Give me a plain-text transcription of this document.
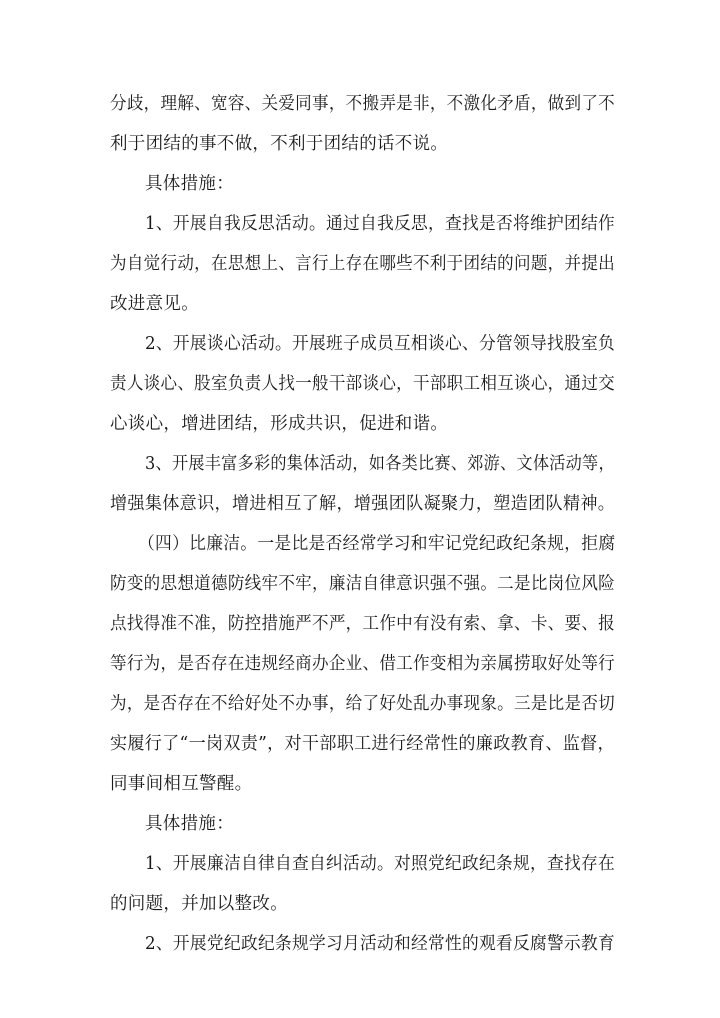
分歧，理解、宽容、关爱同事，不搬弄是非，不激化矛盾，做到了不
利于团结的事不做，不利于团结的话不说。
具体措施：
1、开展自我反思活动。通过自我反思，查找是否将维护团结作
为自觉行动，在思想上、言行上存在哪些不利于团结的问题，并提出
改进意见。
2、开展谈心活动。开展班子成员互相谈心、分管领导找股室负
责人谈心、股室负责人找一般干部谈心，干部职工相互谈心，通过交
心谈心，增进团结，形成共识，促进和谐。
3、开展丰富多彩的集体活动，如各类比赛、郊游、文体活动等，
增强集体意识，增进相互了解，增强团队凝聚力，塑造团队精神。
（四）比廉洁。一是比是否经常学习和牢记党纪政纪条规，拒腐
防变的思想道德防线牢不牢，廉洁自律意识强不强。二是比岗位风险
点找得准不准，防控措施严不严，工作中有没有索、拿、卡、要、报
等行为，是否存在违规经商办企业、借工作变相为亲属捞取好处等行
为，是否存在不给好处不办事，给了好处乱办事现象。三是比是否切
实履行了“一岗双责”，对干部职工进行经常性的廉政教育、监督，
同事间相互警醒。
具体措施：
1、开展廉洁自律自查自纠活动。对照党纪政纪条规，查找存在
的问题，并加以整改。
2、开展党纪政纪条规学习月活动和经常性的观看反腐警示教育
